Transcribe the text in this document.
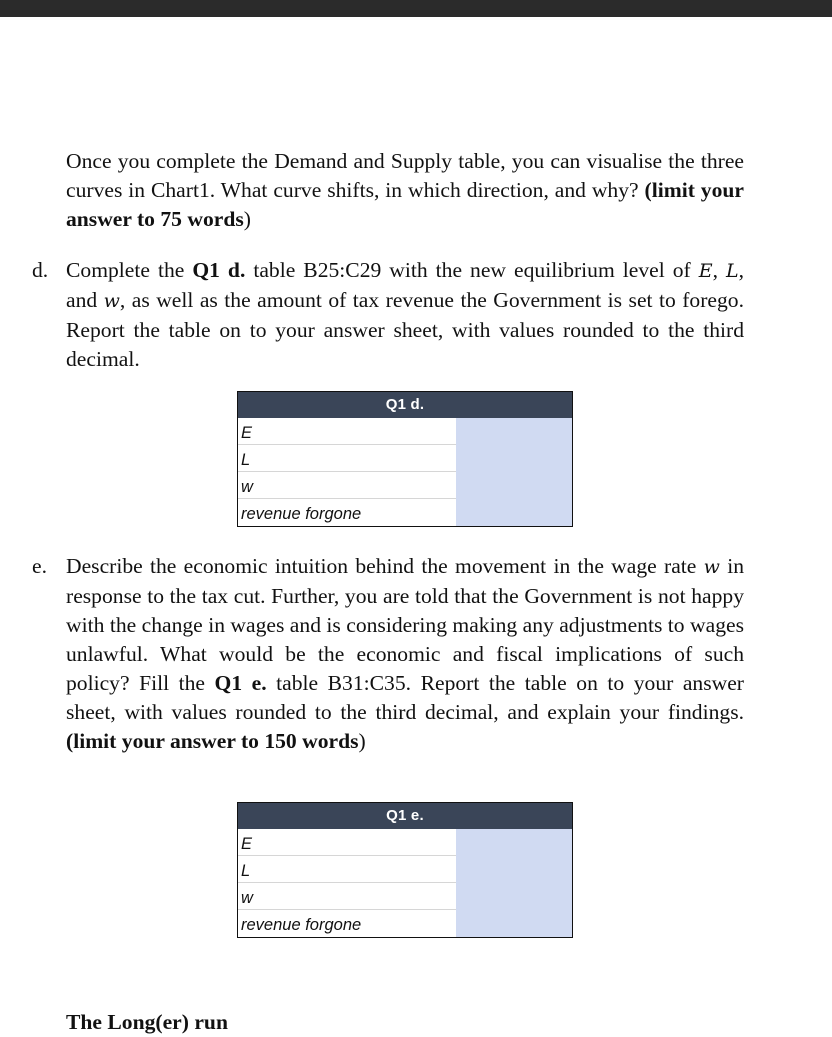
Once you complete the Demand and Supply table, you can visualise the three curves in Chart1. What curve shifts, in which direction, and why? (limit your answer to 75 words)
d. Complete the Q1 d. table B25:C29 with the new equilibrium level of E, L, and w, as well as the amount of tax revenue the Government is set to forego. Report the table on to your answer sheet, with values rounded to the third decimal.
Q1 d.
E
L
w
revenue forgone
e. Describe the economic intuition behind the movement in the wage rate w in response to the tax cut. Further, you are told that the Government is not happy with the change in wages and is considering making any adjustments to wages unlawful. What would be the economic and fiscal implications of such policy? Fill the Q1 e. table B31:C35. Report the table on to your answer sheet, with values rounded to the third decimal, and explain your findings. (limit your answer to 150 words)
Q1 e.
E
L
w
revenue forgone
The Long(er) run
